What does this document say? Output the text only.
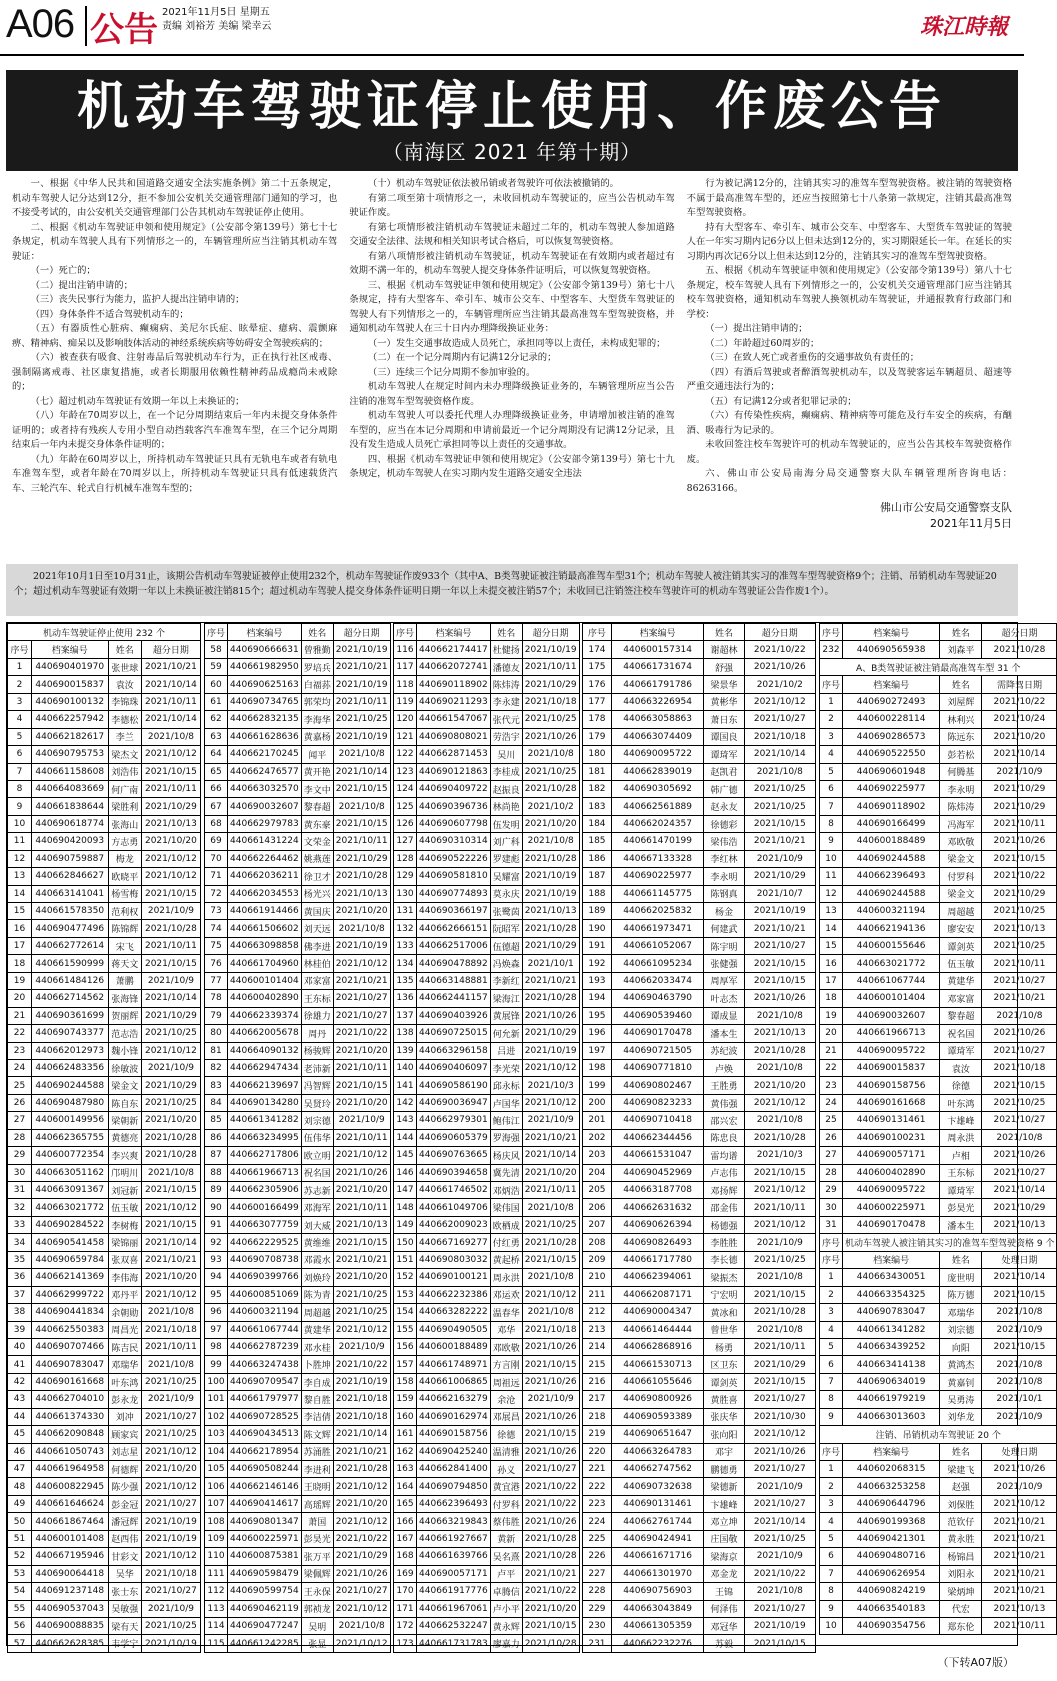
A06 公告 2021年11月5日 星期五
责编 刘裕芳 美编 梁幸云	珠江時報
机动车驾驶证停止使用、作废公告
（南海区 2021 年第十期）

一、根据《中华人民共和国道路交通安全法实施条例》第二十五条规定，机动车驾驶人记分达到12分，拒不参加公安机关交通管理部门通知的学习，也不接受考试的，由公安机关交通管理部门公告其机动车驾驶证停止使用。

二、根据《机动车驾驶证申领和使用规定》（公安部令第139号）第七十七条规定，机动车驾驶人具有下列情形之一的，车辆管理所应当注销其机动车驾驶证：

（一）死亡的；

（二）提出注销申请的；

（三）丧失民事行为能力，监护人提出注销申请的；

（四）身体条件不适合驾驶机动车的；

（五）有器质性心脏病、癫痫病、美尼尔氏症、眩晕症、癔病、震颤麻痹、精神病、痴呆以及影响肢体活动的神经系统疾病等妨碍安全驾驶疾病的；

（六）被查获有吸食、注射毒品后驾驶机动车行为，正在执行社区戒毒、强制隔离戒毒、社区康复措施，或者长期服用依赖性精神药品成瘾尚未戒除的；

（七）超过机动车驾驶证有效期一年以上未换证的；

（八）年龄在70周岁以上，在一个记分周期结束后一年内未提交身体条件证明的；或者持有残疾人专用小型自动挡载客汽车准驾车型，在三个记分周期结束后一年内未提交身体条件证明的；

（九）年龄在60周岁以上，所持机动车驾驶证只具有无轨电车或者有轨电车准驾车型，或者年龄在70周岁以上，所持机动车驾驶证只具有低速载货汽车、三轮汽车、轮式自行机械车准驾车型的；

（十）机动车驾驶证依法被吊销或者驾驶许可依法被撤销的。

有第二项至第十项情形之一，未收回机动车驾驶证的，应当公告机动车驾驶证作废。

有第七项情形被注销机动车驾驶证未超过二年的，机动车驾驶人参加道路交通安全法律、法规和相关知识考试合格后，可以恢复驾驶资格。

有第八项情形被注销机动车驾驶证，机动车驾驶证在有效期内或者超过有效期不满一年的，机动车驾驶人提交身体条件证明后，可以恢复驾驶资格。

三、根据《机动车驾驶证申领和使用规定》（公安部令第139号）第七十八条规定，持有大型客车、牵引车、城市公交车、中型客车、大型货车驾驶证的驾驶人有下列情形之一的，车辆管理所应当注销其最高准驾车型驾驶资格，并通知机动车驾驶人在三十日内办理降级换证业务：

（一）发生交通事故造成人员死亡，承担同等以上责任，未构成犯罪的；

（二）在一个记分周期内有记满12分记录的；

（三）连续三个记分周期不参加审验的。

机动车驾驶人在规定时间内未办理降级换证业务的，车辆管理所应当公告注销的准驾车型驾驶资格作废。

机动车驾驶人可以委托代理人办理降级换证业务，申请增加被注销的准驾车型的，应当在本记分周期和申请前最近一个记分周期没有记满12分记录，且没有发生造成人员死亡承担同等以上责任的交通事故。

四、根据《机动车驾驶证申领和使用规定》（公安部令第139号）第七十九条规定，机动车驾驶人在实习期内发生道路交通安全违法

行为被记满12分的，注销其实习的准驾车型驾驶资格。被注销的驾驶资格不属于最高准驾车型的，还应当按照第七十八条第一款规定，注销其最高准驾车型驾驶资格。

持有大型客车、牵引车、城市公交车、中型客车、大型货车驾驶证的驾驶人在一年实习期内记6分以上但未达到12分的，实习期限延长一年。在延长的实习期内再次记6分以上但未达到12分的，注销其实习的准驾车型驾驶资格。

五、根据《机动车驾驶证申领和使用规定》（公安部令第139号）第八十七条规定，校车驾驶人具有下列情形之一的，公安机关交通管理部门应当注销其校车驾驶资格，通知机动车驾驶人换领机动车驾驶证，并通报教育行政部门和学校：

（一）提出注销申请的；

（二）年龄超过60周岁的；

（三）在致人死亡或者重伤的交通事故负有责任的；

（四）有酒后驾驶或者醉酒驾驶机动车，以及驾驶客运车辆超员、超速等严重交通违法行为的；

（五）有记满12分或者犯罪记录的；

（六）有传染性疾病，癫痫病、精神病等可能危及行车安全的疾病，有酗酒、吸毒行为记录的。

未收回签注校车驾驶许可的机动车驾驶证的，应当公告其校车驾驶资格作废。

六、佛山市公安局南海分局交通警察大队车辆管理所咨询电话：86263166。

佛山市公安局交通警察支队

2021年11月5日

2021年10月1日至10月31止，该期公告机动车驾驶证被停止使用232个，机动车驾驶证作废933个（其中A、B类驾驶证被注销最高准驾车型31个；机动车驾驶人被注销其实习的准驾车型驾驶资格9个；注销、吊销机动车驾驶证20个；超过机动车驾驶证有效期一年以上未换证被注销815个；超过机动车驾驶人提交身体条件证明日期一年以上未提交被注销57个；未收回已注销签注校车驾驶许可的机动车驾驶证公告作废1个）。
机动车驾驶证停止使用 232 个			
序号	档案编号	姓名	超分日期
1	440690401970	张世球	2021/10/21
2	440690015837	袁汝	2021/10/14
3	440690100132	李锦珠	2021/10/11
4	440662257942	李德松	2021/10/14
5	440662182617	李兰	2021/10/8
6	440690795753	梁杰文	2021/10/12
7	440661158608	刘浩伟	2021/10/15
8	440664083669	何广南	2021/10/11
9	440661838644	梁胜利	2021/10/29
10	440690618774	张海山	2021/10/13
11	440690420093	方志勇	2021/10/20
12	440690759887	梅龙	2021/10/12
13	440662846627	欧晓平	2021/10/12
14	440663141041	杨雪梅	2021/10/15
15	440661578350	范利权	2021/10/9
16	440690477496	陈锦辉	2021/10/28
17	440662772614	宋飞	2021/10/11
18	440661590999	蒋天文	2021/10/15
19	440661484126	萧鹏	2021/10/9
20	440662714562	张海锋	2021/10/14
21	440690361699	贺丽辉	2021/10/29
22	440690743377	范志浩	2021/10/25
23	440662012973	魏小锋	2021/10/12
24	440662483356	徐敏波	2021/10/9
25	440690244588	梁金文	2021/10/29
26	440690487980	陈自东	2021/10/25
27	440600149956	梁朝新	2021/10/20
28	440662365755	黄德亮	2021/10/28
29	440600772354	李兴爽	2021/10/28
30	440663051162	邝明川	2021/10/8
31	440663091367	刘冠新	2021/10/15
32	440663021772	伍玉敏	2021/10/12
33	440690284522	李树梅	2021/10/15
34	440690541458	梁锦丽	2021/10/14
35	440690659784	张双喜	2021/10/21
36	440662141369	李伟海	2021/10/20
37	440662999722	邓丹平	2021/10/12
38	440690441834	余朝勋	2021/10/8
39	440662550383	周昌光	2021/10/18
40	440690707466	陈吉民	2021/10/11
41	440690783047	邓瑞华	2021/10/8
42	440690161668	叶东鸿	2021/10/25
43	440662704010	彭永龙	2021/10/9
44	440661374330	刘冲	2021/10/27
45	440662090848	顾家宾	2021/10/25
46	440661050743	刘志星	2021/10/12
47	440661964958	何德辉	2021/10/20
48	440600822945	陈少强	2021/10/12
49	440661646624	彭金冠	2021/10/27
50	440661867464	潘冠辉	2021/10/19
51	440600101408	赵西伟	2021/10/19
52	440667195946	甘彩文	2021/10/12
53	440690064418	吴华	2021/10/18
54	440691237148	张士东	2021/10/27
55	440690537043	吴敏强	2021/10/9
56	440690088835	梁有天	2021/10/25
57	440662628385	韦学宁	2021/10/19
序号	档案编号	姓名	超分日期
58	440690666631	曾雅勤	2021/10/19
59	440661982950	罗培兵	2021/10/21
60	440690625163	白福荪	2021/10/19
61	440690734765	郭荣均	2021/10/11
62	440662832135	李海华	2021/10/25
63	440661628636	黄嘉杨	2021/10/19
64	440662170245	闻平	2021/10/8
65	440662476577	黄开艳	2021/10/14
66	440663032570	李文中	2021/10/15
67	440690032607	黎春超	2021/10/8
68	440662979783	黄东豪	2021/10/15
69	440661431224	文荣金	2021/10/11
70	440662264462	姚燕莲	2021/10/29
71	440662036211	徐卫才	2021/10/28
72	440662034553	杨光兴	2021/10/13
73	440661914466	黄国庆	2021/10/20
74	440661506602	刘天远	2021/10/8
75	440663098858	佛李进	2021/10/19
76	440661704960	林桂伯	2021/10/12
77	440600101404	邓家富	2021/10/21
78	440600402890	王东标	2021/10/27
79	440662339374	徐雄力	2021/10/27
80	440662005678	周丹	2021/10/22
81	440664090132	杨骏辉	2021/10/20
82	440662947434	老沛新	2021/10/11
83	440662139697	冯智辉	2021/10/15
84	440690134280	吴贤玲	2021/10/20
85	440661341282	刘宗德	2021/10/9
86	440663234995	伍伟华	2021/10/11
87	440662717806	欧立明	2021/10/12
88	440661966713	祝名国	2021/10/26
89	440662305906	苏志新	2021/10/20
90	440600166499	邓海军	2021/10/11
91	440663077759	刘大威	2021/10/13
92	440662229525	黄维维	2021/10/15
93	440690708738	邓霞水	2021/10/21
94	440690399766	刘焕玲	2021/10/20
95	440600851069	陈为青	2021/10/25
96	440600321194	周超越	2021/10/25
97	440661067744	黄建华	2021/10/12
98	440662787239	邓水桂	2021/10/9
99	440663247438	卜胜坤	2021/10/22
100	440690709547	李自成	2021/10/19
101	440661797977	黎自胜	2021/10/18
102	440690728525	李洁倩	2021/10/18
103	440690434513	陈文辉	2021/10/14
104	440662178954	苏涌胜	2021/10/21
105	440690508244	李进利	2021/10/28
106	440662146146	王晓明	2021/10/12
107	440690414617	高瑶辉	2021/10/20
108	440690801347	萧国	2021/10/12
109	440600225971	彭昊光	2021/10/22
110	440600875381	张万平	2021/10/29
111	440690598479	梁佩辉	2021/10/26
112	440690599754	王永保	2021/10/27
113	440690462119	郭祯龙	2021/10/12
114	440690477247	吴明	2021/10/8
115	440661242285	张显	2021/10/12
序号	档案编号	姓名	超分日期
116	440662174417	杜健扬	2021/10/19
117	440662072741	潘德友	2021/10/11
118	440690118902	陈炜涛	2021/10/29
119	440690211293	李永建	2021/10/18
120	440661547067	张代元	2021/10/25
121	440690808021	劳浩宇	2021/10/26
122	440662871453	吴川	2021/10/8
123	440690121863	李桂成	2021/10/25
124	440690409722	赵振良	2021/10/28
125	440690396736	林尚艳	2021/10/2
126	440690607798	伍发明	2021/10/20
127	440690310314	刘广科	2021/10/8
128	440690522226	罗建彪	2021/10/28
129	440690581810	吴耀富	2021/10/19
130	440690774893	莫永庆	2021/10/19
131	440690366197	张鹭茵	2021/10/13
132	440662666151	阮昭军	2021/10/28
133	440662517006	伍德超	2021/10/29
134	440690478892	冯焕森	2021/10/1
135	440663148881	李新红	2021/10/21
136	440662441157	梁海江	2021/10/28
137	440690403926	黄展锋	2021/10/26
138	440690725015	何允新	2021/10/29
139	440663296158	吕进	2021/10/19
140	440690406097	李光荣	2021/10/12
141	440690586190	邱永标	2021/10/3
142	440690036947	卢国华	2021/10/12
143	440662979301	鲍伟江	2021/10/9
144	440690605379	罗海强	2021/10/21
145	440690763665	杨庆风	2021/10/14
146	440690394658	冀先清	2021/10/20
147	440661746502	邓炳浩	2021/10/11
148	440661049706	梁伟国	2021/10/8
149	440662009023	欧栖成	2021/10/25
150	440667169277	付红勇	2021/10/28
151	440690803032	黄起桥	2021/10/15
152	440690100121	周永洪	2021/10/8
153	440662232386	邓运欢	2021/10/12
154	440663282222	温春华	2021/10/8
155	440690490505	邓华	2021/10/18
156	440600188489	邓欧敬	2021/10/26
157	440661748971	方言刚	2021/10/15
158	440661006865	周祖远	2021/10/26
159	440662163279	余沧	2021/10/9
160	440690162974	邓展昌	2021/10/26
161	440690158756	徐德	2021/10/15
162	440690425240	温清雅	2021/10/26
163	440662841400	孙义	2021/10/27
164	440690794850	黄宜港	2021/10/22
165	440662396493	付罗科	2021/10/22
166	440663219843	蔡伟胜	2021/10/26
167	440661927667	黄新	2021/10/28
168	440661639766	吴名熹	2021/10/28
169	440690057171	卢平	2021/10/21
170	440661917776	卓腾信	2021/10/22
171	440661967061	卢小平	2021/10/20
172	440662532247	黄永辉	2021/10/15
173	440661731783	廖嘉力	2021/10/28
序号	档案编号	姓名	超分日期
174	440600157314	谢超林	2021/10/22
175	440661731674	舒强	2021/10/26
176	440661791786	梁景华	2021/10/2
177	440663226954	黄彬华	2021/10/12
178	440663058863	萧日东	2021/10/27
179	440663074409	谭国良	2021/10/18
180	440690095722	谭琦军	2021/10/14
181	440662839019	赵凯君	2021/10/8
182	440690305692	韩广德	2021/10/25
183	440662561889	赵永友	2021/10/25
184	440662024357	徐德彩	2021/10/15
185	440661470199	梁伟浩	2021/10/21
186	440667133328	李红林	2021/10/9
187	440690225977	李永明	2021/10/29
188	440661145775	陈钢真	2021/10/7
189	440662025832	杨金	2021/10/19
190	440661973471	何建武	2021/10/21
191	440661052067	陈宇明	2021/10/27
192	440661095234	张健强	2021/10/15
193	440662033474	周厚军	2021/10/15
194	440690463790	叶志杰	2021/10/26
195	440690539460	谭成显	2021/10/8
196	440690170478	潘本生	2021/10/13
197	440690721505	苏纪波	2021/10/28
198	440690771810	卢焕	2021/10/8
199	440690802467	王胜勇	2021/10/20
200	440690823233	黄伟强	2021/10/12
201	440690710418	邵兴宏	2021/10/8
202	440662344456	陈忠良	2021/10/28
203	440661531047	雷均谱	2021/10/3
204	440690452969	卢志伟	2021/10/15
205	440663187708	邓扬辉	2021/10/12
206	440662631632	邵金伟	2021/10/11
207	440690626394	杨德强	2021/10/12
208	440690826493	李胜胜	2021/10/9
209	440661717780	李长德	2021/10/25
210	440662394061	梁振杰	2021/10/8
211	440662087171	宁宏明	2021/10/15
212	440690004347	黄冰和	2021/10/28
213	440661464444	曾世华	2021/10/8
214	440662868916	杨勇	2021/10/11
215	440661530713	区卫东	2021/10/29
216	440661055646	谭剑英	2021/10/15
217	440690800926	黄胜喜	2021/10/27
218	440690593389	张庆华	2021/10/30
219	440690651647	张向阳	2021/10/12
220	440663264783	邓宇	2021/10/26
221	440662747562	鹏德勇	2021/10/27
222	440690732638	梁德新	2021/10/9
223	440690131461	卞雄峰	2021/10/27
224	440662761744	邓立坤	2021/10/14
225	440690424941	庄国敬	2021/10/25
226	440661671716	梁海京	2021/10/9
227	440661301970	邓金龙	2021/10/22
228	440690756903	王锦	2021/10/8
229	440663043849	何泽伟	2021/10/27
230	440661305359	邓冠华	2021/10/19
231	440662232276	苏毅	2021/10/15
序号	档案编号	姓名	超分日期
232	440690565938	刘森平	2021/10/28
A、B类驾驶证被注销最高准驾车型 31 个			
序号	档案编号	姓名	需降驾日期
1	440690272493	刘屋辉	2021/10/22
2	440600228114	林利兴	2021/10/24
3	440690286573	陈远东	2021/10/20
4	440690522550	彭若松	2021/10/14
5	440690601948	何腾基	2021/10/9
6	440690225977	李永明	2021/10/29
7	440690118902	陈炜涛	2021/10/29
8	440690166499	冯海军	2021/10/11
9	440600188489	邓欧敬	2021/10/26
10	440690244588	梁金文	2021/10/15
11	440662396493	付罗科	2021/10/22
12	440690244588	梁金文	2021/10/29
13	440600321194	周超越	2021/10/25
14	440662194136	廖安安	2021/10/13
15	440600155646	谭剑英	2021/10/25
16	440663021772	伍玉敏	2021/10/11
17	440661067744	黄建华	2021/10/27
18	440600101404	邓家富	2021/10/21
19	440690032607	黎春超	2021/10/8
20	440661966713	祝名国	2021/10/26
21	440690095722	谭琦军	2021/10/27
22	440690015837	袁汝	2021/10/18
23	440690158756	徐德	2021/10/15
24	440690161668	叶东鸿	2021/10/25
25	440690131461	卞雄峰	2021/10/27
26	440690100231	周永洪	2021/10/8
27	440690057171	卢相	2021/10/26
28	440600402890	王东标	2021/10/27
29	440690095722	谭琦军	2021/10/14
30	440600225971	彭昊光	2021/10/29
31	440690170478	潘本生	2021/10/13
序号	机动车驾驶人被注销其实习的准驾车型驾驶资格 9 个		
序号	档案编号	姓名	处理日期
1	440663430051	庞世明	2021/10/14
2	440663354325	陈万德	2021/10/15
3	440690783047	邓瑞华	2021/10/8
4	440661341282	刘宗德	2021/10/9
5	440663439252	向阳	2021/10/15
6	440663414138	黄鸿杰	2021/10/8
7	440690634019	黄嘉钊	2021/10/8
8	440661979219	吴勇涛	2021/10/1
9	440663013603	刘华龙	2021/10/9
注销、吊销机动车驾驶证 20 个			
序号	档案编号	姓名	处理日期
1	440602068315	梁建飞	2021/10/26
2	440663253258	赵强	2021/10/9
3	440690644796	刘保胜	2021/10/12
4	440690199368	范钦仔	2021/10/21
5	440690421301	黄永胜	2021/10/21
6	440690480716	杨锦昌	2021/10/21
7	440690626954	刘阳永	2021/10/21
8	440690824219	梁炳坤	2021/10/21
9	440663540183	代宏	2021/10/13
10	440690354756	郑东伦	2021/10/11
（下转A07版）
